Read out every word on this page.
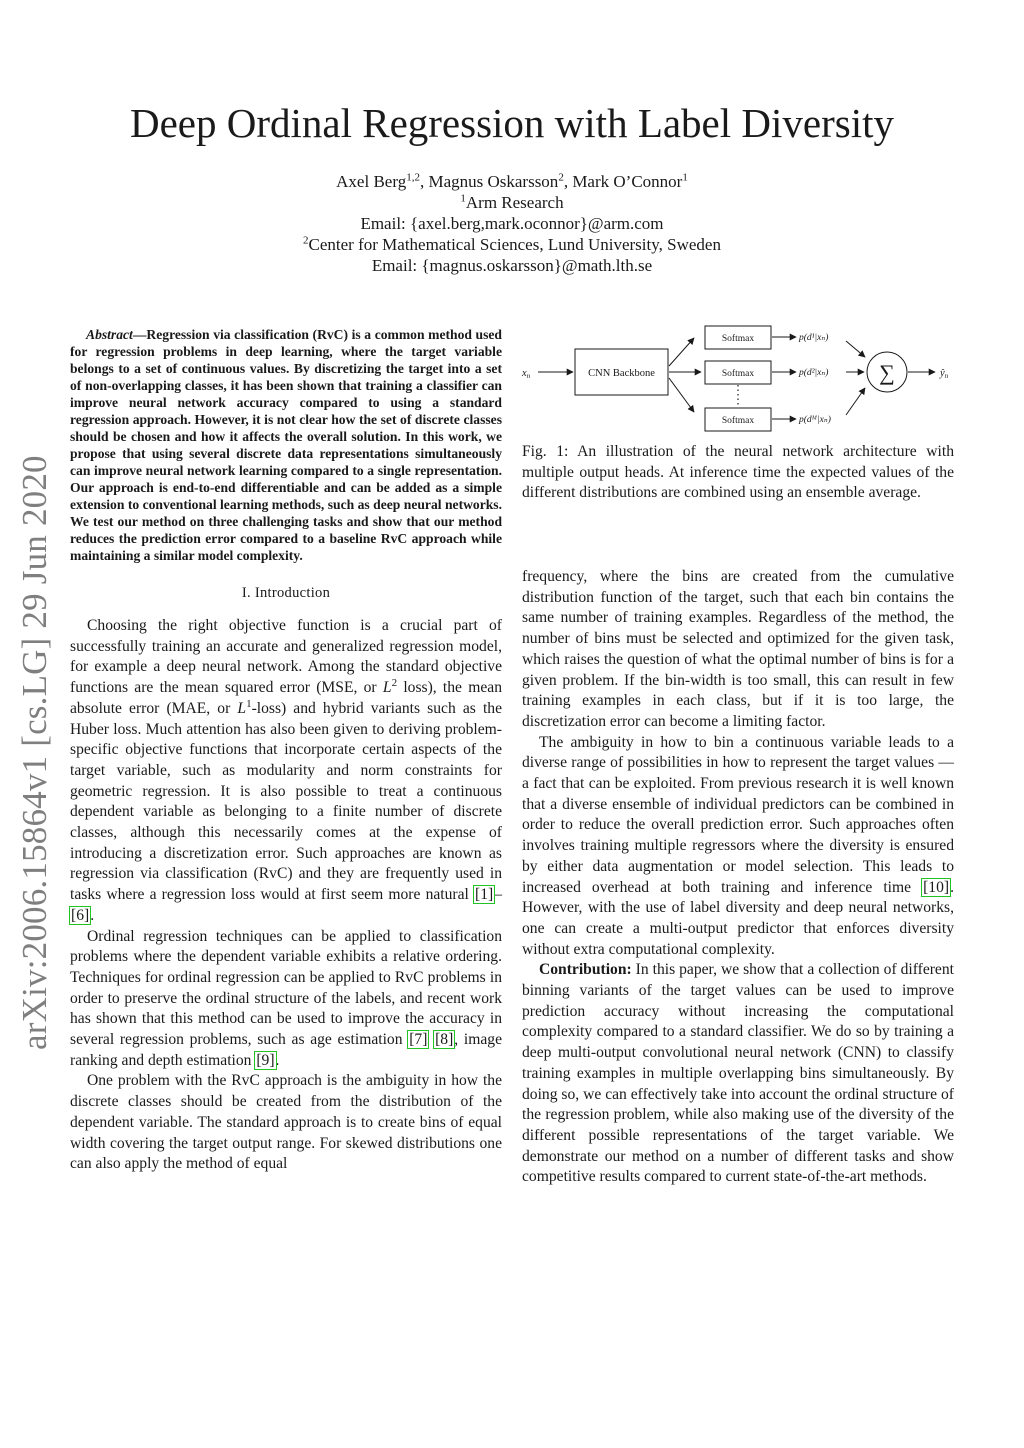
Deep Ordinal Regression with Label Diversity
Axel Berg$^{1,2}$, Magnus Oskarsson$^2$, Mark O’Connor$^1$
$^1$Arm Research
Email: {axel.berg,mark.oconnor}@arm.com
$^2$Center for Mathematical Sciences, Lund University, Sweden
Email: {magnus.oskarsson}@math.lth.se
arXiv:2006.15864v1 [cs.LG] 29 Jun 2020

Abstract—Regression via classification (RvC) is a common method used for regression problems in deep learning, where the target variable belongs to a set of continuous values. By discretizing the target into a set of non-overlapping classes, it has been shown that training a classifier can improve neural network accuracy compared to using a standard regression approach. However, it is not clear how the set of discrete classes should be chosen and how it affects the overall solution. In this work, we propose that using several discrete data representations simultaneously can improve neural network learning compared to a single representation. Our approach is end-to-end differentiable and can be added as a simple extension to conventional learning methods, such as deep neural networks. We test our method on three challenging tasks and show that our method reduces the prediction error compared to a baseline RvC approach while maintaining a similar model complexity.

I. Introduction

Choosing the right objective function is a crucial part of successfully training an accurate and generalized regression model, for example a deep neural network. Among the standard objective functions are the mean squared error (MSE, or $L^2$ loss), the mean absolute error (MAE, or $L^1-loss$) and hybrid variants such as the Huber loss. Much attention has also been given to deriving problem-specific objective functions that incorporate certain aspects of the target variable, such as modularity and norm constraints for geometric regression. It is also possible to treat a continuous dependent variable as belonging to a finite number of discrete classes, although this necessarily comes at the expense of introducing a discretization error. Such approaches are known as regression via classification (RvC) and they are frequently used in tasks where a regression loss would at first seem more natural [1]–[6].

Ordinal regression techniques can be applied to classification problems where the dependent variable exhibits a relative ordering. Techniques for ordinal regression can be applied to RvC problems in order to preserve the ordinal structure of the labels, and recent work has shown that this method can be used to improve the accuracy in several regression problems, such as age estimation [7] [8], image ranking and depth estimation [9].

One problem with the RvC approach is the ambiguity in how the discrete classes should be created from the distribution of the dependent variable. The standard approach is to create bins of equal width covering the target output range. For skewed distributions one can also apply the method of equal

xn	CNN Backbone
Softmax
Softmax
Softmax
p(d¹|xₙ)
p(d²|xₙ)
p(dᴹ|xₙ)
∑	ŷn

Fig. 1: An illustration of the neural network architecture with multiple output heads. At inference time the expected values of the different distributions are combined using an ensemble average.

frequency, where the bins are created from the cumulative distribution function of the target, such that each bin contains the same number of training examples. Regardless of the method, the number of bins must be selected and optimized for the given task, which raises the question of what the optimal number of bins is for a given problem. If the bin-width is too small, this can result in few training examples in each class, but if it is too large, the discretization error can become a limiting factor.

The ambiguity in how to bin a continuous variable leads to a diverse range of possibilities in how to represent the target values — a fact that can be exploited. From previous research it is well known that a diverse ensemble of individual predictors can be combined in order to reduce the overall prediction error. Such approaches often involves training multiple regressors where the diversity is ensured by either data augmentation or model selection. This leads to increased overhead at both training and inference time [10]. However, with the use of label diversity and deep neural networks, one can create a multi-output predictor that enforces diversity without extra computational complexity.

Contribution: In this paper, we show that a collection of different binning variants of the target values can be used to improve prediction accuracy without increasing the computational complexity compared to a standard classifier. We do so by training a deep multi-output convolutional neural network (CNN) to classify training examples in multiple overlapping bins simultaneously. By doing so, we can effectively take into account the ordinal structure of the regression problem, while also making use of the diversity of the different possible representations of the target variable. We demonstrate our method on a number of different tasks and show competitive results compared to current state-of-the-art methods.
